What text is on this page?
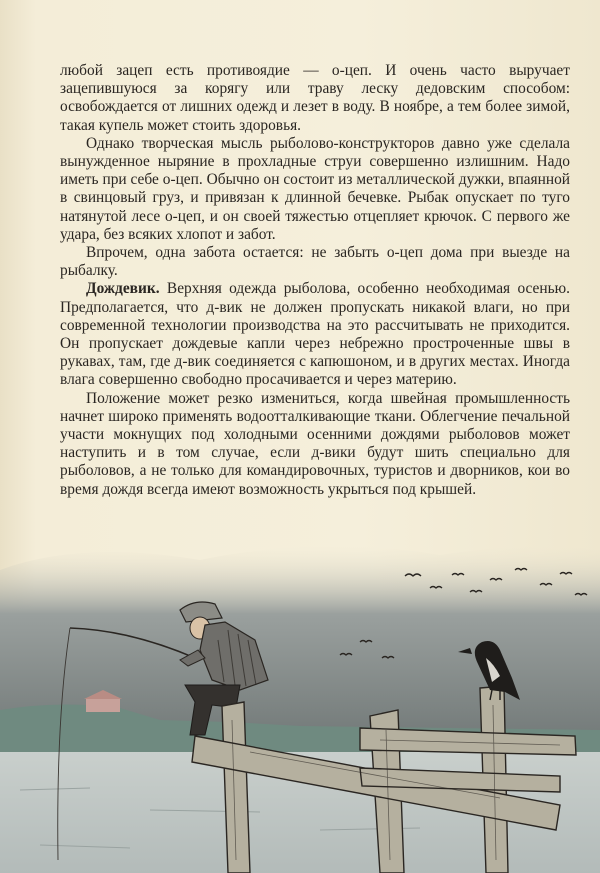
любой зацеп есть противоядие — о-цеп. И очень часто выручает зацепившуюся за корягу или траву леску дедовским способом: освобождается от лишних одежд и лезет в воду. В ноябре, а тем более зимой, такая купель может стоить здоровья.

Однако творческая мысль рыболово-конструкторов давно уже сделала вынужденное ныряние в прохладные струи совершенно излишним. Надо иметь при себе о-цеп. Обычно он состоит из металлической дужки, впаянной в свинцовый груз, и привязан к длинной бечевке. Рыбак опускает по туго натянутой лесе о-цеп, и он своей тяжестью отцепляет крючок. С первого же удара, без всяких хлопот и забот.

Впрочем, одна забота остается: не забыть о-цеп дома при выезде на рыбалку.

Дождевик. Верхняя одежда рыболова, особенно необходимая осенью. Предполагается, что д-вик не должен пропускать никакой влаги, но при современной технологии производства на это рассчитывать не приходится. Он пропускает дождевые капли через небрежно простроченные швы в рукавах, там, где д-вик соединяется с капюшоном, и в других местах. Иногда влага совершенно свободно просачивается и через материю.

Положение может резко измениться, когда швейная промышленность начнет широко применять водоотталкивающие ткани. Облегчение печальной участи мокнущих под холодными осенними дождями рыболовов может наступить и в том случае, если д-вики будут шить специально для рыболовов, а не только для командировочных, туристов и дворников, кои во время дождя всегда имеют возможность укрыться под крышей.
